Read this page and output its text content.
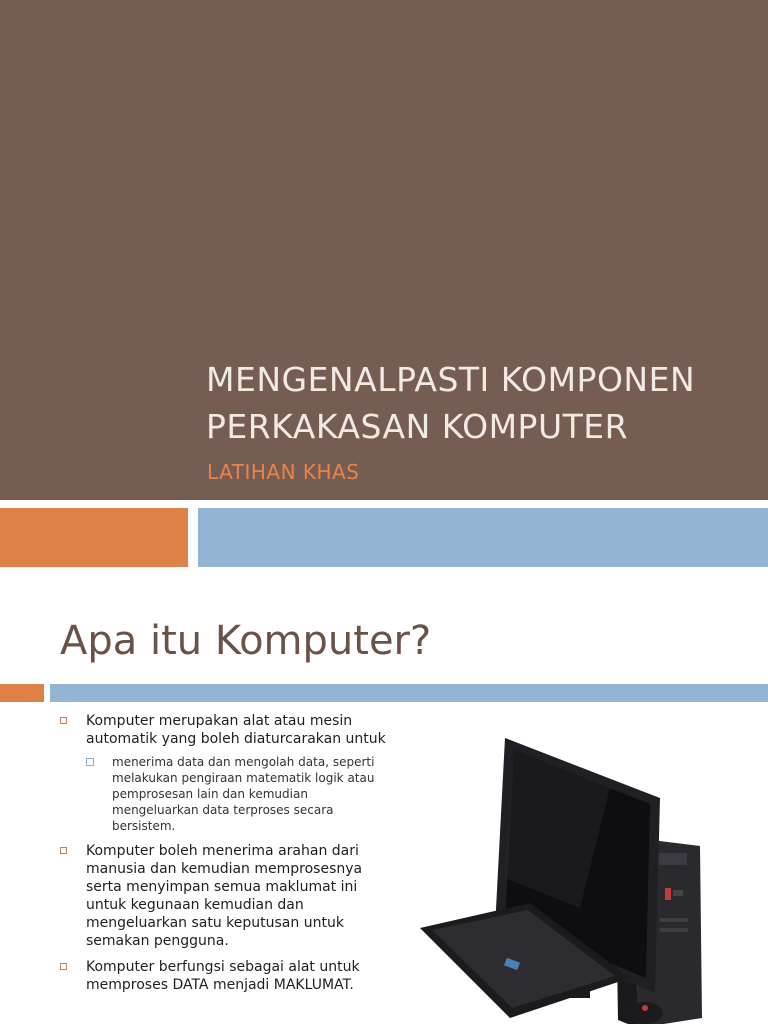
MENGENALPASTI KOMPONEN
PERKAKASAN KOMPUTER
LATIHAN KHAS
Apa itu Komputer?
Komputer merupakan alat atau mesin automatik yang boleh diaturcarakan untuk
menerima data dan mengolah data, seperti melakukan pengiraan matematik logik atau pemprosesan lain dan kemudian mengeluarkan data terproses secara bersistem.
Komputer boleh menerima arahan dari manusia dan kemudian memprosesnya serta menyimpan semua maklumat ini untuk kegunaan kemudian dan mengeluarkan satu keputusan untuk semakan pengguna.
Komputer berfungsi sebagai alat untuk memproses DATA menjadi MAKLUMAT.
